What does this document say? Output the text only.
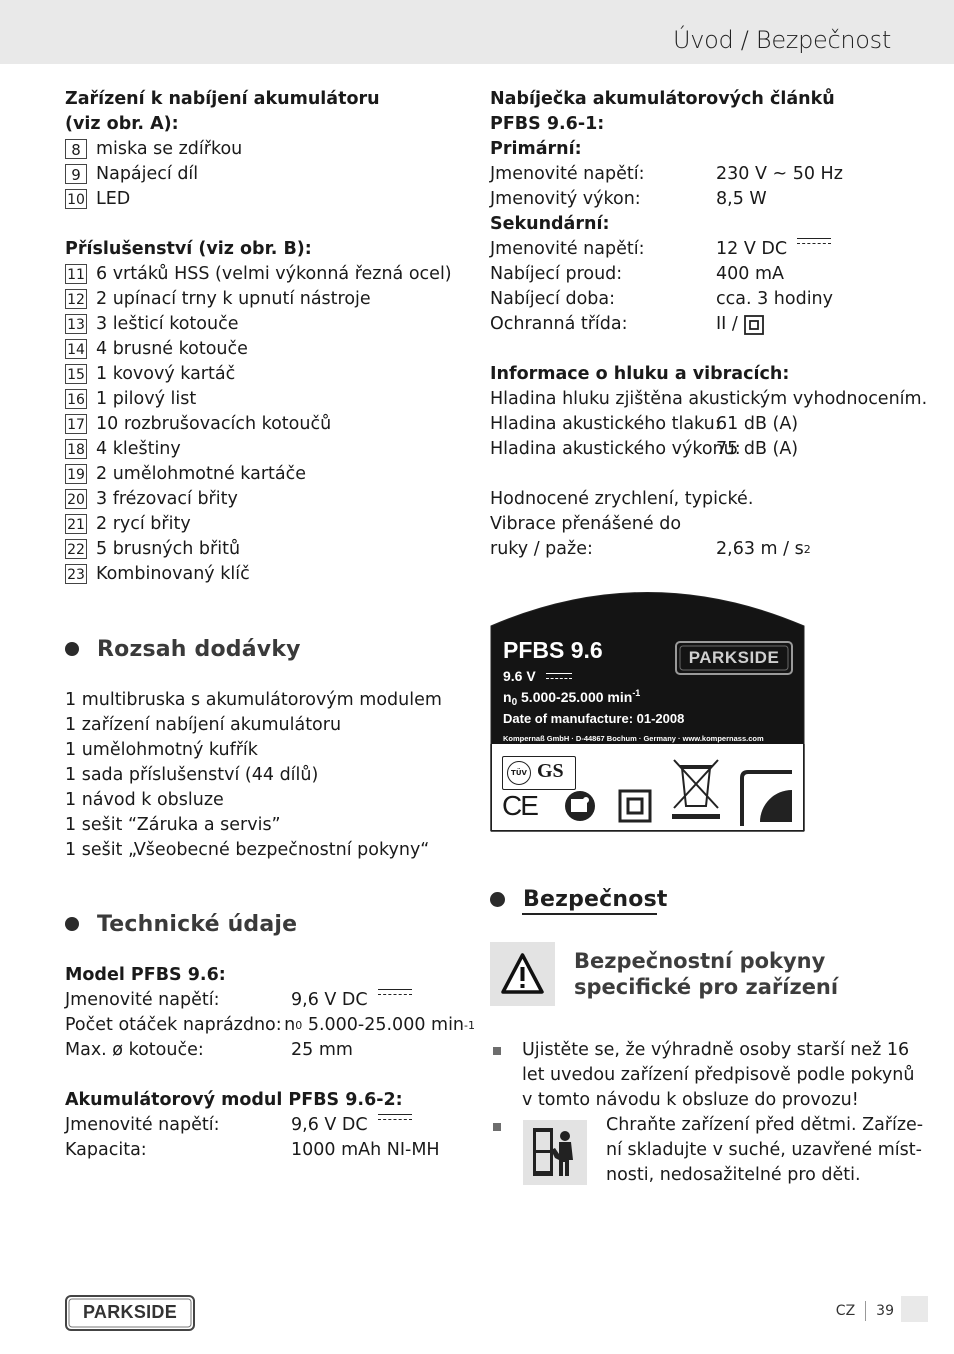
Úvod / Bezpečnost
Zařízení k nabíjení akumulátoru
(viz obr. A):
8 miska se zdířkou
9 Napájecí díl
10 LED
Příslušenství (viz obr. B):
11 6 vrtáků HSS (velmi výkonná řezná ocel)
12 2 upínací trny k upnutí nástroje
13 3 lešticí kotouče
14 4 brusné kotouče
15 1 kovový kartáč
16 1 pilový list
17 10 rozbrušovacích kotoučů
18 4 kleštiny
19 2 umělohmotné kartáče
20 3 frézovací břity
21 2 rycí břity
22 5 brusných břitů
23 Kombinovaný klíč
Rozsah dodávky
1 multibruska s akumulátorovým modulem
1 zařízení nabíjení akumulátoru
1 umělohmotný kufřík
1 sada příslušenství (44 dílů)
1 návod k obsluze
1 sešit “Záruka a servis”
1 sešit „Všeobecné bezpečnostní pokyny“
Technické údaje
Model PFBS 9.6:
Jmenovité napětí:	9,6 V DC
Počet otáček naprázdno: n 0
5.000-25.000 min -1
Max. ø kotouče:	25 mm
Akumulátorový modul PFBS 9.6-2:
Jmenovité napětí:	9,6 V DC
Kapacita:	1000 mAh NI-MH
Nabíječka akumulátorových článků
PFBS 9.6-1:
Primární:
Jmenovité napětí:	230 V ~ 50 Hz
Jmenovitý výkon:	8,5 W
Sekundární:
Jmenovité napětí:	12 V DC
Nabíjecí proud:	400 mA
Nabíjecí doba:	cca. 3 hodiny
Ochranná třída:	II /
Informace o hluku a vibracích:
Hladina hluku zjištěna akustickým vyhodnocením.
Hladina akustického tlaku:
61 dB (A)
Hladina akustického výkonu:
75 dB (A)
Hodnocené zrychlení, typické.
Vibrace přenášené do
ruky / paže:	2,63 m / s 2
PFBS 9.6	PARKSIDE
9.6 V
$n_0$ 5.000-25.000 $\min^{-1}$
Date of manufacture: 01-2008
Kompernaß GmbH · D-44867 Bochum · Germany · www.kompernass.com
TÜV GS
CE
Bezpečnost
Bezpečnostní pokyny
specifické pro zařízení
Ujistěte se, že výhradně osoby starší než 16
let uvedou zařízení předpisově podle pokynů
v tomto návodu k obsluze do provozu!
Chraňte zařízení před dětmi. Zaříze-
ní skladujte v suché, uzavřené míst-
nosti, nedosažitelné pro děti.
PARKSIDE	CZ 39
